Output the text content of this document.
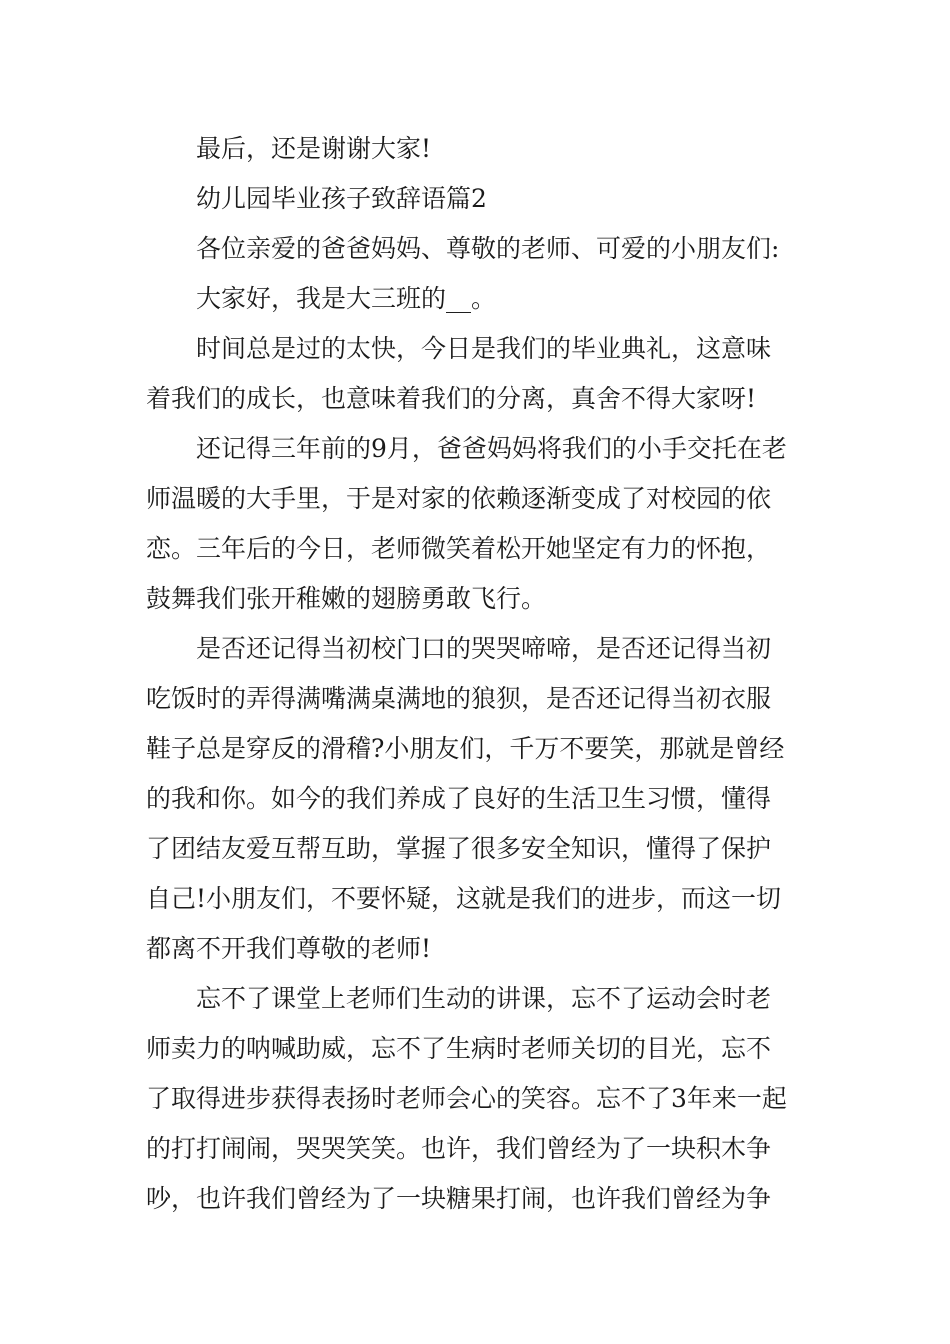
最后，还是谢谢大家!
幼儿园毕业孩子致辞语篇2
各位亲爱的爸爸妈妈、尊敬的老师、可爱的小朋友们:
大家好，我是大三班的__。
时间总是过的太快，今日是我们的毕业典礼，这意味
着我们的成长，也意味着我们的分离，真舍不得大家呀!
还记得三年前的9月，爸爸妈妈将我们的小手交托在老
师温暖的大手里，于是对家的依赖逐渐变成了对校园的依
恋。三年后的今日，老师微笑着松开她坚定有力的怀抱，
鼓舞我们张开稚嫩的翅膀勇敢飞行。
是否还记得当初校门口的哭哭啼啼，是否还记得当初
吃饭时的弄得满嘴满桌满地的狼狈，是否还记得当初衣服
鞋子总是穿反的滑稽?小朋友们，千万不要笑，那就是曾经
的我和你。如今的我们养成了良好的生活卫生习惯，懂得
了团结友爱互帮互助，掌握了很多安全知识，懂得了保护
自己!小朋友们，不要怀疑，这就是我们的进步，而这一切
都离不开我们尊敬的老师!
忘不了课堂上老师们生动的讲课，忘不了运动会时老
师卖力的呐喊助威，忘不了生病时老师关切的目光，忘不
了取得进步获得表扬时老师会心的笑容。忘不了3年来一起
的打打闹闹，哭哭笑笑。也许，我们曾经为了一块积木争
吵，也许我们曾经为了一块糖果打闹，也许我们曾经为争
